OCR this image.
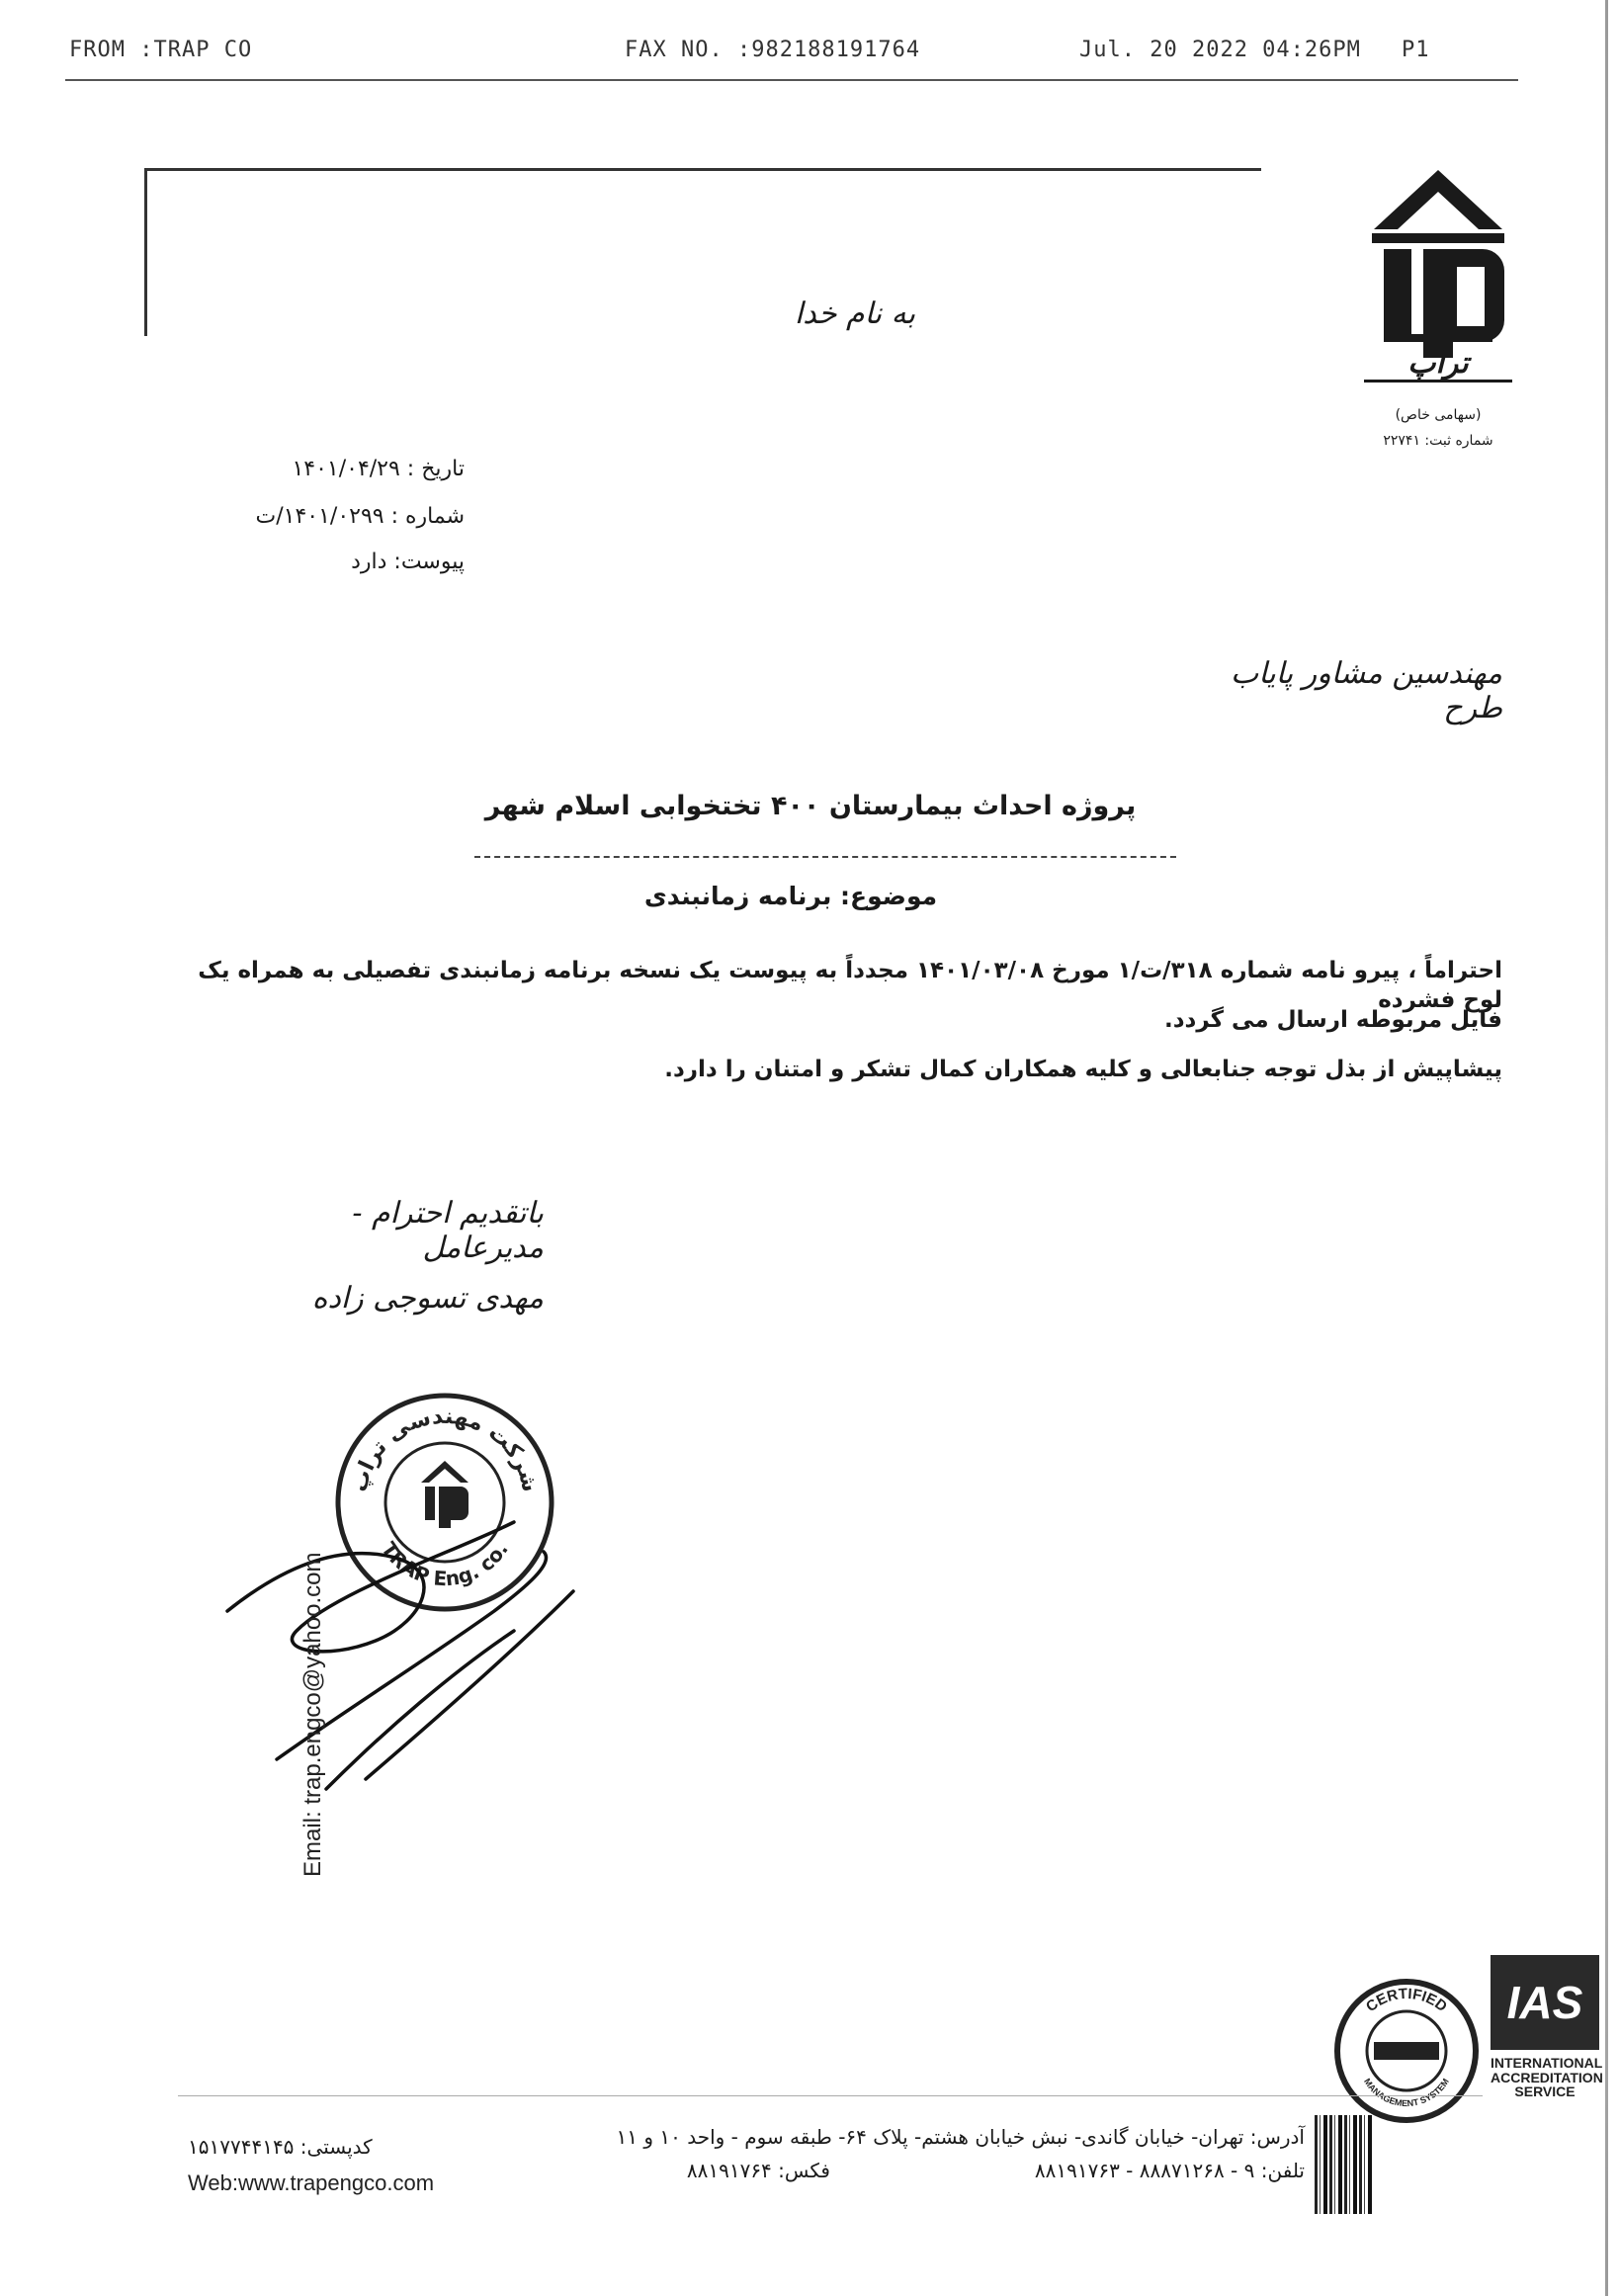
FROM :TRAP CO	FAX NO. :982188191764	Jul. 20 2022 04:26PM P1
تراپ
(سهامی خاص)
شماره ثبت: ۲۲۷۴۱
به نام خدا
تاریخ : ۱۴۰۱/۰۴/۲۹
شماره : ۱۴۰۱/۰۲۹۹/ت
پیوست: دارد
مهندسین مشاور پایاب طرح
پروژه احداث بیمارستان ۴۰۰ تختخوابی اسلام شهر
موضوع: برنامه زمانبندی
احتراماً ، پیرو نامه شماره ۳۱۸/ت/۱ مورخ ۱۴۰۱/۰۳/۰۸ مجدداً به پیوست یک نسخه برنامه زمانبندی تفصیلی به همراه یک لوح فشرده
فایل مربوطه ارسال می گردد.
پیشاپیش از بذل توجه جنابعالی و کلیه همکاران کمال تشکر و امتنان را دارد.
باتقدیم احترام - مدیرعامل
مهدی تسوجی زاده
شرکت مهندسی تراپ
TRAP Eng. co.
Email: trap.engco@yahoo.com
CERTIFIED
MANAGEMENT SYSTEM
IAS
INTERNATIONAL ACCREDITATION SERVICE
کدپستی: ۱۵۱۷۷۴۴۱۴۵
Web:www.trapengco.com
آدرس: تهران- خیابان گاندی- نبش خیابان هشتم- پلاک ۶۴- طبقه سوم - واحد ۱۰ و ۱۱
تلفن: ۹ - ۸۸۸۷۱۲۶۸ - ۸۸۱۹۱۷۶۳
فکس: ۸۸۱۹۱۷۶۴
